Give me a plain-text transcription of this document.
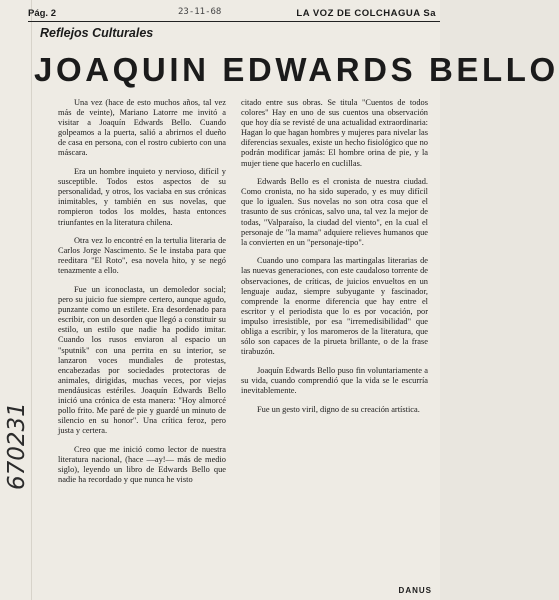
Pág. 2	23-11-68	LA VOZ DE COLCHAGUA Sa
Reflejos Culturales
JOAQUIN EDWARDS BELLO

Una vez (hace de esto muchos años, tal vez más de veinte), Mariano Latorre me invitó a visitar a Joaquín Edwards Bello. Cuando golpeamos a la puerta, salió a abrirnos el dueño de casa en persona, con el rostro cubierto con una máscara.

Era un hombre inquieto y nervioso, difícil y susceptible. Todos estos aspectos de su personalidad, y otros, los vaciaba en sus crónicas inimitables, y también en sus novelas, que rompieron todos los moldes, hasta entonces triunfantes en la literatura chilena.

Otra vez lo encontré en la tertulia literaria de Carlos Jorge Nascimento. Se le instaba para que reeditara "El Roto", esa novela hito, y se negó tenazmente a ello.

Fue un iconoclasta, un demoledor social; pero su juicio fue siempre certero, aunque agudo, punzante como un estilete. Era desordenado para escribir, con un desorden que llegó a constituir su estilo, un estilo que nadie ha podido imitar. Cuando los rusos enviaron al espacio un "sputnik" con una perrita en su interior, se lanzaron voces mundiales de protestas, encabezadas por sociedades protectoras de animales, dirigidas, muchas veces, por viejas mendáusicas estériles. Joaquín Edwards Bello inició una crónica de esta manera: "Hoy almorcé pollo frito. Me paré de pie y guardé un minuto de silencio en su honor". Una crítica feroz, pero justa y certera.

Creo que me inició como lector de nuestra literatura nacional, (hace —ay!— más de medio siglo), leyendo un libro de Edwards Bello que nadie ha recordado y que nunca he visto

citado entre sus obras. Se titula "Cuentos de todos colores" Hay en uno de sus cuentos una observación que hoy día se revisté de una actualidad extraordinaria: Hagan lo que hagan hombres y mujeres para nivelar las diferencias sexuales, existe un hecho fisiológico que no podrán modificar jamás: El hombre orina de pie, y la mujer tiene que hacerlo en cuclillas.

Edwards Bello es el cronista de nuestra ciudad. Como cronista, no ha sido superado, y es muy difícil que lo igualen. Sus novelas no son otra cosa que el trasunto de sus crónicas, salvo una, tal vez la mejor de todas, "Valparaíso, la ciudad del viento", en la cual el personaje de "la mama" adquiere relieves humanos que la convierten en un "personaje-tipo".

Cuando uno compara las martingalas literarias de las nuevas generaciones, con este caudaloso torrente de observaciones, de críticas, de juicios envueltos en un lenguaje audaz, siempre subyugante y fascinador, comprende la enorme diferencia que hay entre el escritor y el periodista que lo es por vocación, por impulso irresistible, por esa "irremedisibilidad" que obliga a escribir, y los maromeros de la literatura, que sólo son capaces de la pirueta brillante, o de la frase tirabuzón.

Joaquín Edwards Bello puso fin voluntariamente a su vida, cuando comprendió que la vida se le escurría inevitablemente.

Fue un gesto viril, digno de su creación artística.

670231
DANUS
